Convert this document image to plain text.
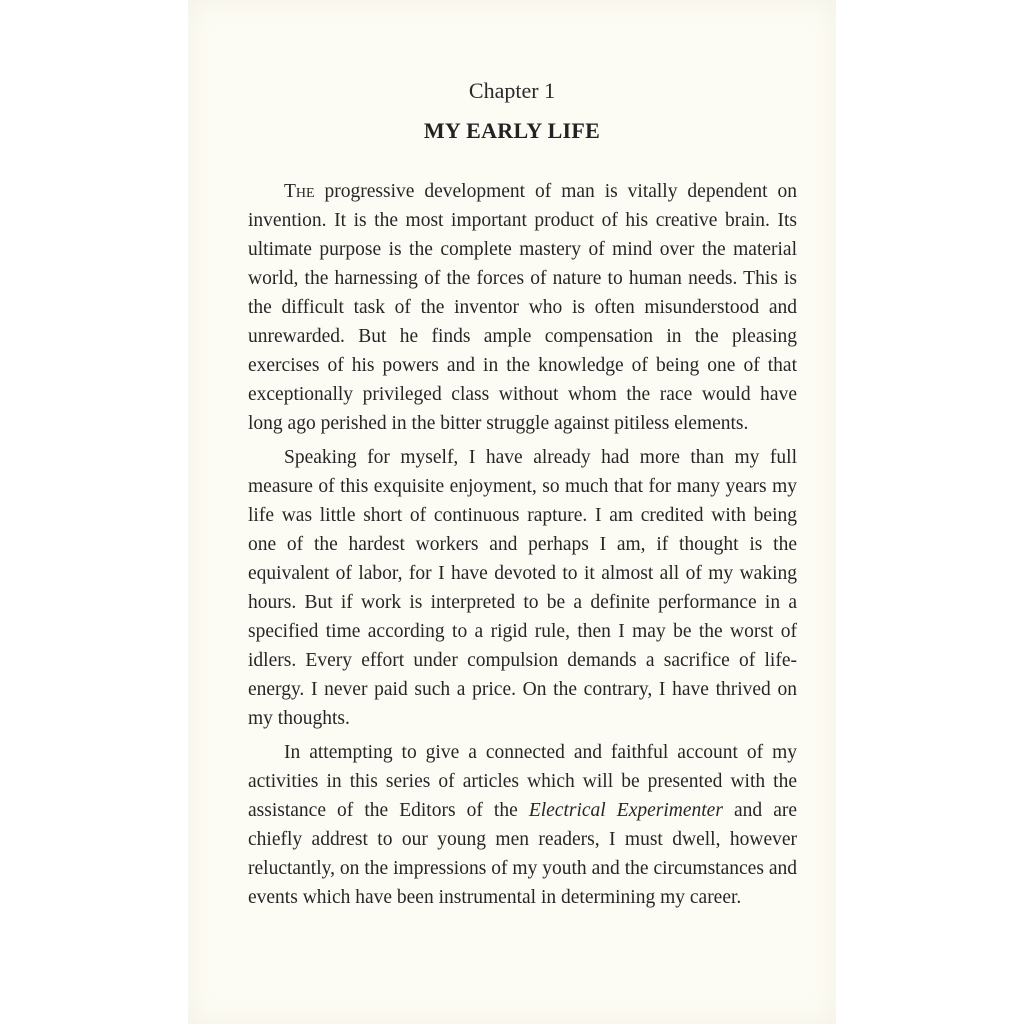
Chapter 1
MY EARLY LIFE

The progressive development of man is vitally dependent on invention. It is the most important product of his creative brain. Its ultimate purpose is the complete mastery of mind over the material world, the harnessing of the forces of nature to human needs. This is the difficult task of the inventor who is often misunderstood and unrewarded. But he finds ample compensation in the pleasing exercises of his powers and in the knowledge of being one of that exceptionally privileged class without whom the race would have long ago perished in the bitter struggle against pitiless elements.

Speaking for myself, I have already had more than my full measure of this exquisite enjoyment, so much that for many years my life was little short of continuous rapture. I am credited with being one of the hardest workers and perhaps I am, if thought is the equivalent of labor, for I have devoted to it almost all of my waking hours. But if work is interpreted to be a definite performance in a specified time according to a rigid rule, then I may be the worst of idlers. Every effort under compulsion demands a sacrifice of life-energy. I never paid such a price. On the contrary, I have thrived on my thoughts.

In attempting to give a connected and faithful account of my activities in this series of articles which will be presented with the assistance of the Editors of the Electrical Experimenter and are chiefly addrest to our young men readers, I must dwell, however reluctantly, on the impressions of my youth and the circumstances and events which have been instrumental in determining my career.
